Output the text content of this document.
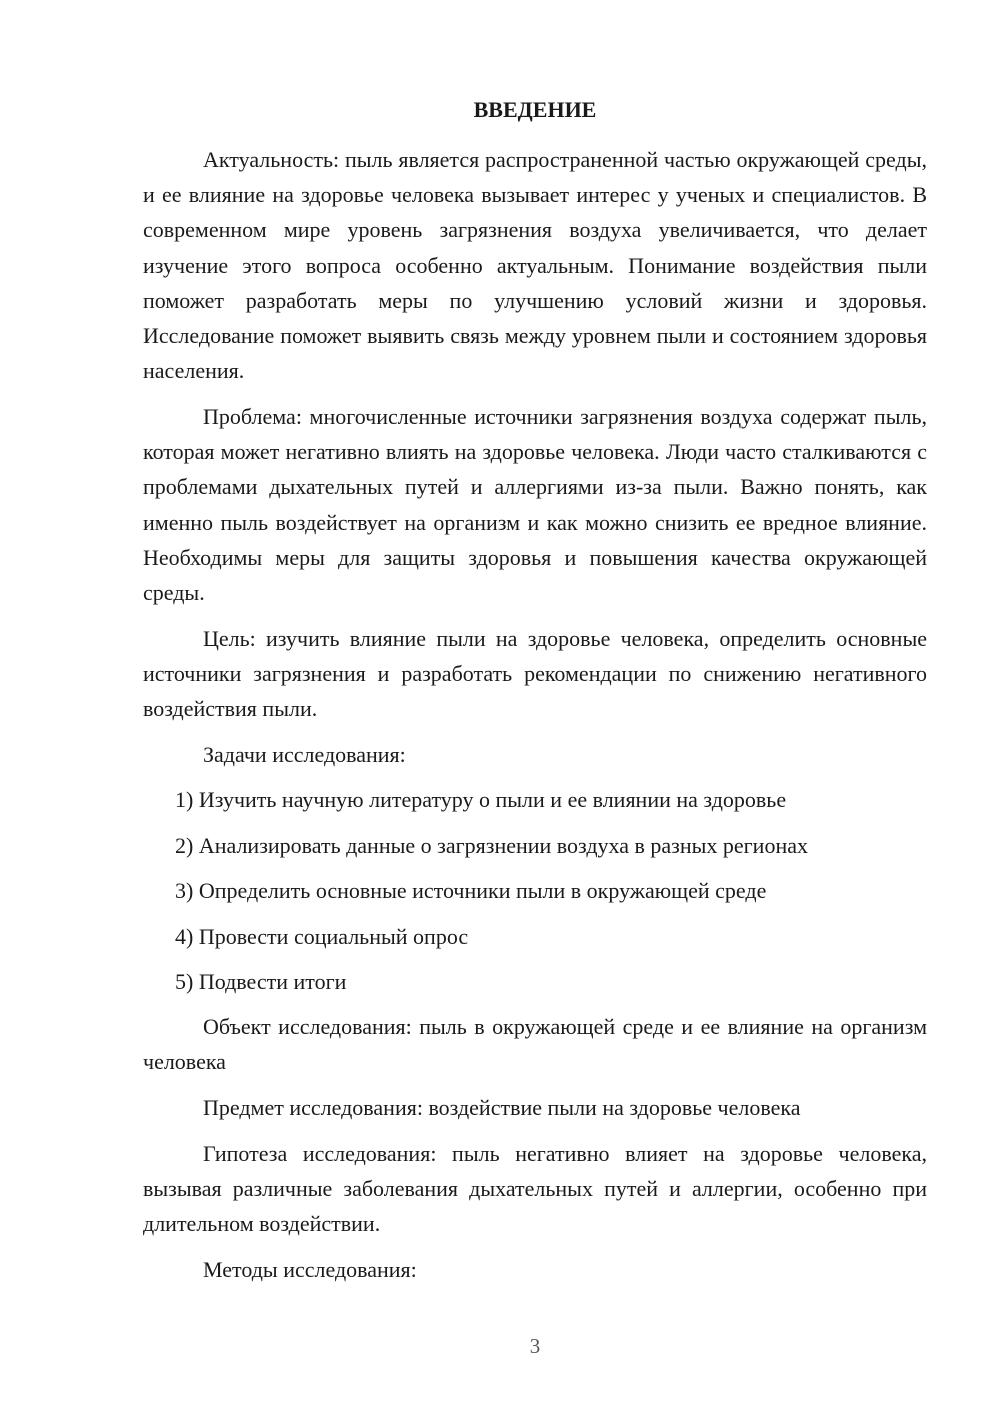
ВВЕДЕНИЕ

Актуальность: пыль является распространенной частью окружающей среды, и ее влияние на здоровье человека вызывает интерес у ученых и специалистов. В современном мире уровень загрязнения воздуха увеличивается, что делает изучение этого вопроса особенно актуальным. Понимание воздействия пыли поможет разработать меры по улучшению условий жизни и здоровья. Исследование поможет выявить связь между уровнем пыли и состоянием здоровья населения.

Проблема: многочисленные источники загрязнения воздуха содержат пыль, которая может негативно влиять на здоровье человека. Люди часто сталкиваются с проблемами дыхательных путей и аллергиями из-за пыли. Важно понять, как именно пыль воздействует на организм и как можно снизить ее вредное влияние. Необходимы меры для защиты здоровья и повышения качества окружающей среды.

Цель: изучить влияние пыли на здоровье человека, определить основные источники загрязнения и разработать рекомендации по снижению негативного воздействия пыли.

Задачи исследования:

1) Изучить научную литературу о пыли и ее влиянии на здоровье

2) Анализировать данные о загрязнении воздуха в разных регионах

3) Определить основные источники пыли в окружающей среде

4) Провести социальный опрос

5) Подвести итоги

Объект исследования: пыль в окружающей среде и ее влияние на организм человека

Предмет исследования: воздействие пыли на здоровье человека

Гипотеза исследования: пыль негативно влияет на здоровье человека, вызывая различные заболевания дыхательных путей и аллергии, особенно при длительном воздействии.

Методы исследования:

3
